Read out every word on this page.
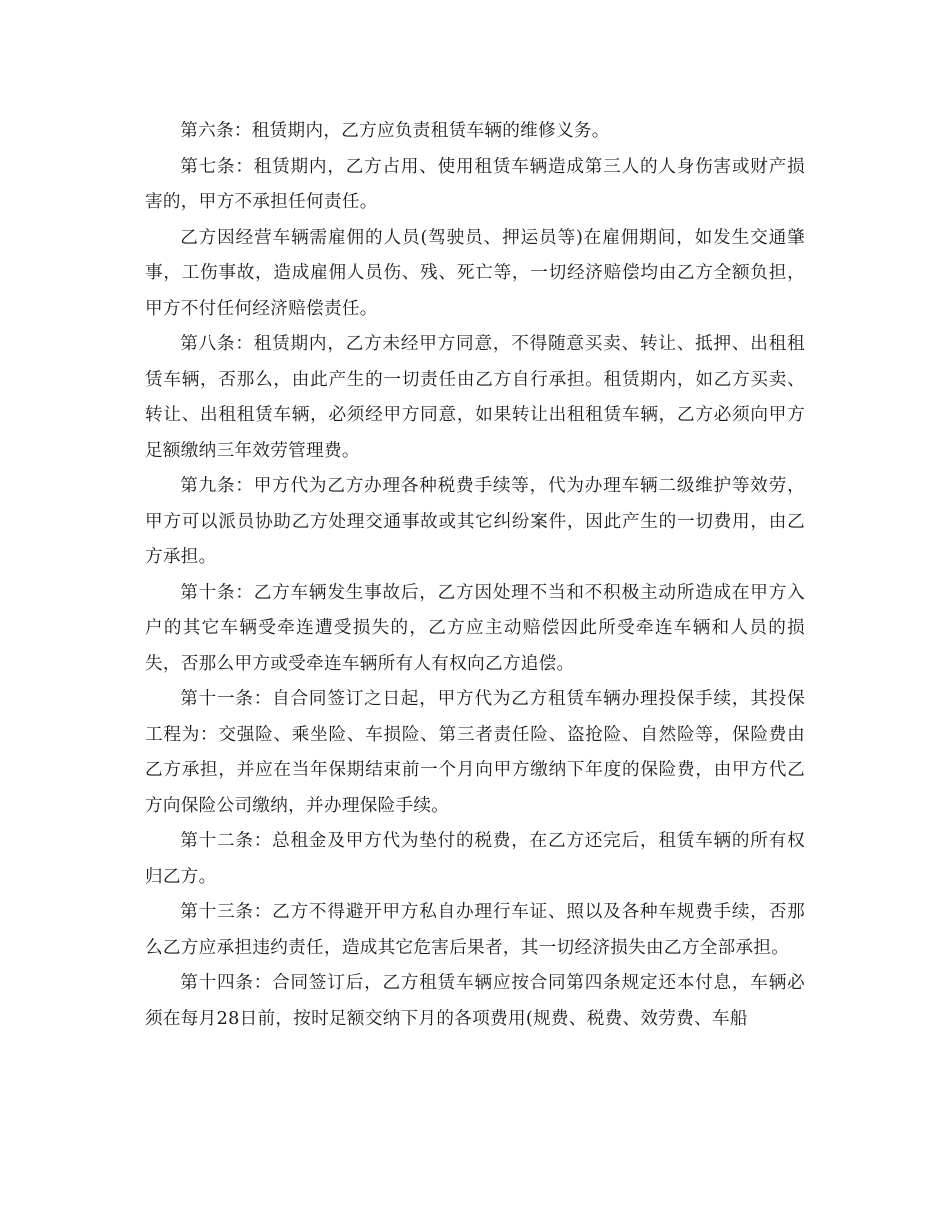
第六条：租赁期内，乙方应负责租赁车辆的维修义务。

第七条：租赁期内，乙方占用、使用租赁车辆造成第三人的人身伤害或财产损害的，甲方不承担任何责任。

乙方因经营车辆需雇佣的人员(驾驶员、押运员等)在雇佣期间，如发生交通肇事，工伤事故，造成雇佣人员伤、残、死亡等，一切经济赔偿均由乙方全额负担，甲方不付任何经济赔偿责任。

第八条：租赁期内，乙方未经甲方同意，不得随意买卖、转让、抵押、出租租赁车辆，否那么，由此产生的一切责任由乙方自行承担。租赁期内，如乙方买卖、转让、出租租赁车辆，必须经甲方同意，如果转让出租租赁车辆，乙方必须向甲方足额缴纳三年效劳管理费。

第九条：甲方代为乙方办理各种税费手续等，代为办理车辆二级维护等效劳，甲方可以派员协助乙方处理交通事故或其它纠纷案件，因此产生的一切费用，由乙方承担。

第十条：乙方车辆发生事故后，乙方因处理不当和不积极主动所造成在甲方入户的其它车辆受牵连遭受损失的，乙方应主动赔偿因此所受牵连车辆和人员的损失，否那么甲方或受牵连车辆所有人有权向乙方追偿。

第十一条：自合同签订之日起，甲方代为乙方租赁车辆办理投保手续，其投保工程为：交强险、乘坐险、车损险、第三者责任险、盗抢险、自然险等，保险费由乙方承担，并应在当年保期结束前一个月向甲方缴纳下年度的保险费，由甲方代乙方向保险公司缴纳，并办理保险手续。

第十二条：总租金及甲方代为垫付的税费，在乙方还完后，租赁车辆的所有权归乙方。

第十三条：乙方不得避开甲方私自办理行车证、照以及各种车规费手续，否那么乙方应承担违约责任，造成其它危害后果者，其一切经济损失由乙方全部承担。

第十四条：合同签订后，乙方租赁车辆应按合同第四条规定还本付息，车辆必须在每月28日前，按时足额交纳下月的各项费用(规费、税费、效劳费、车船
